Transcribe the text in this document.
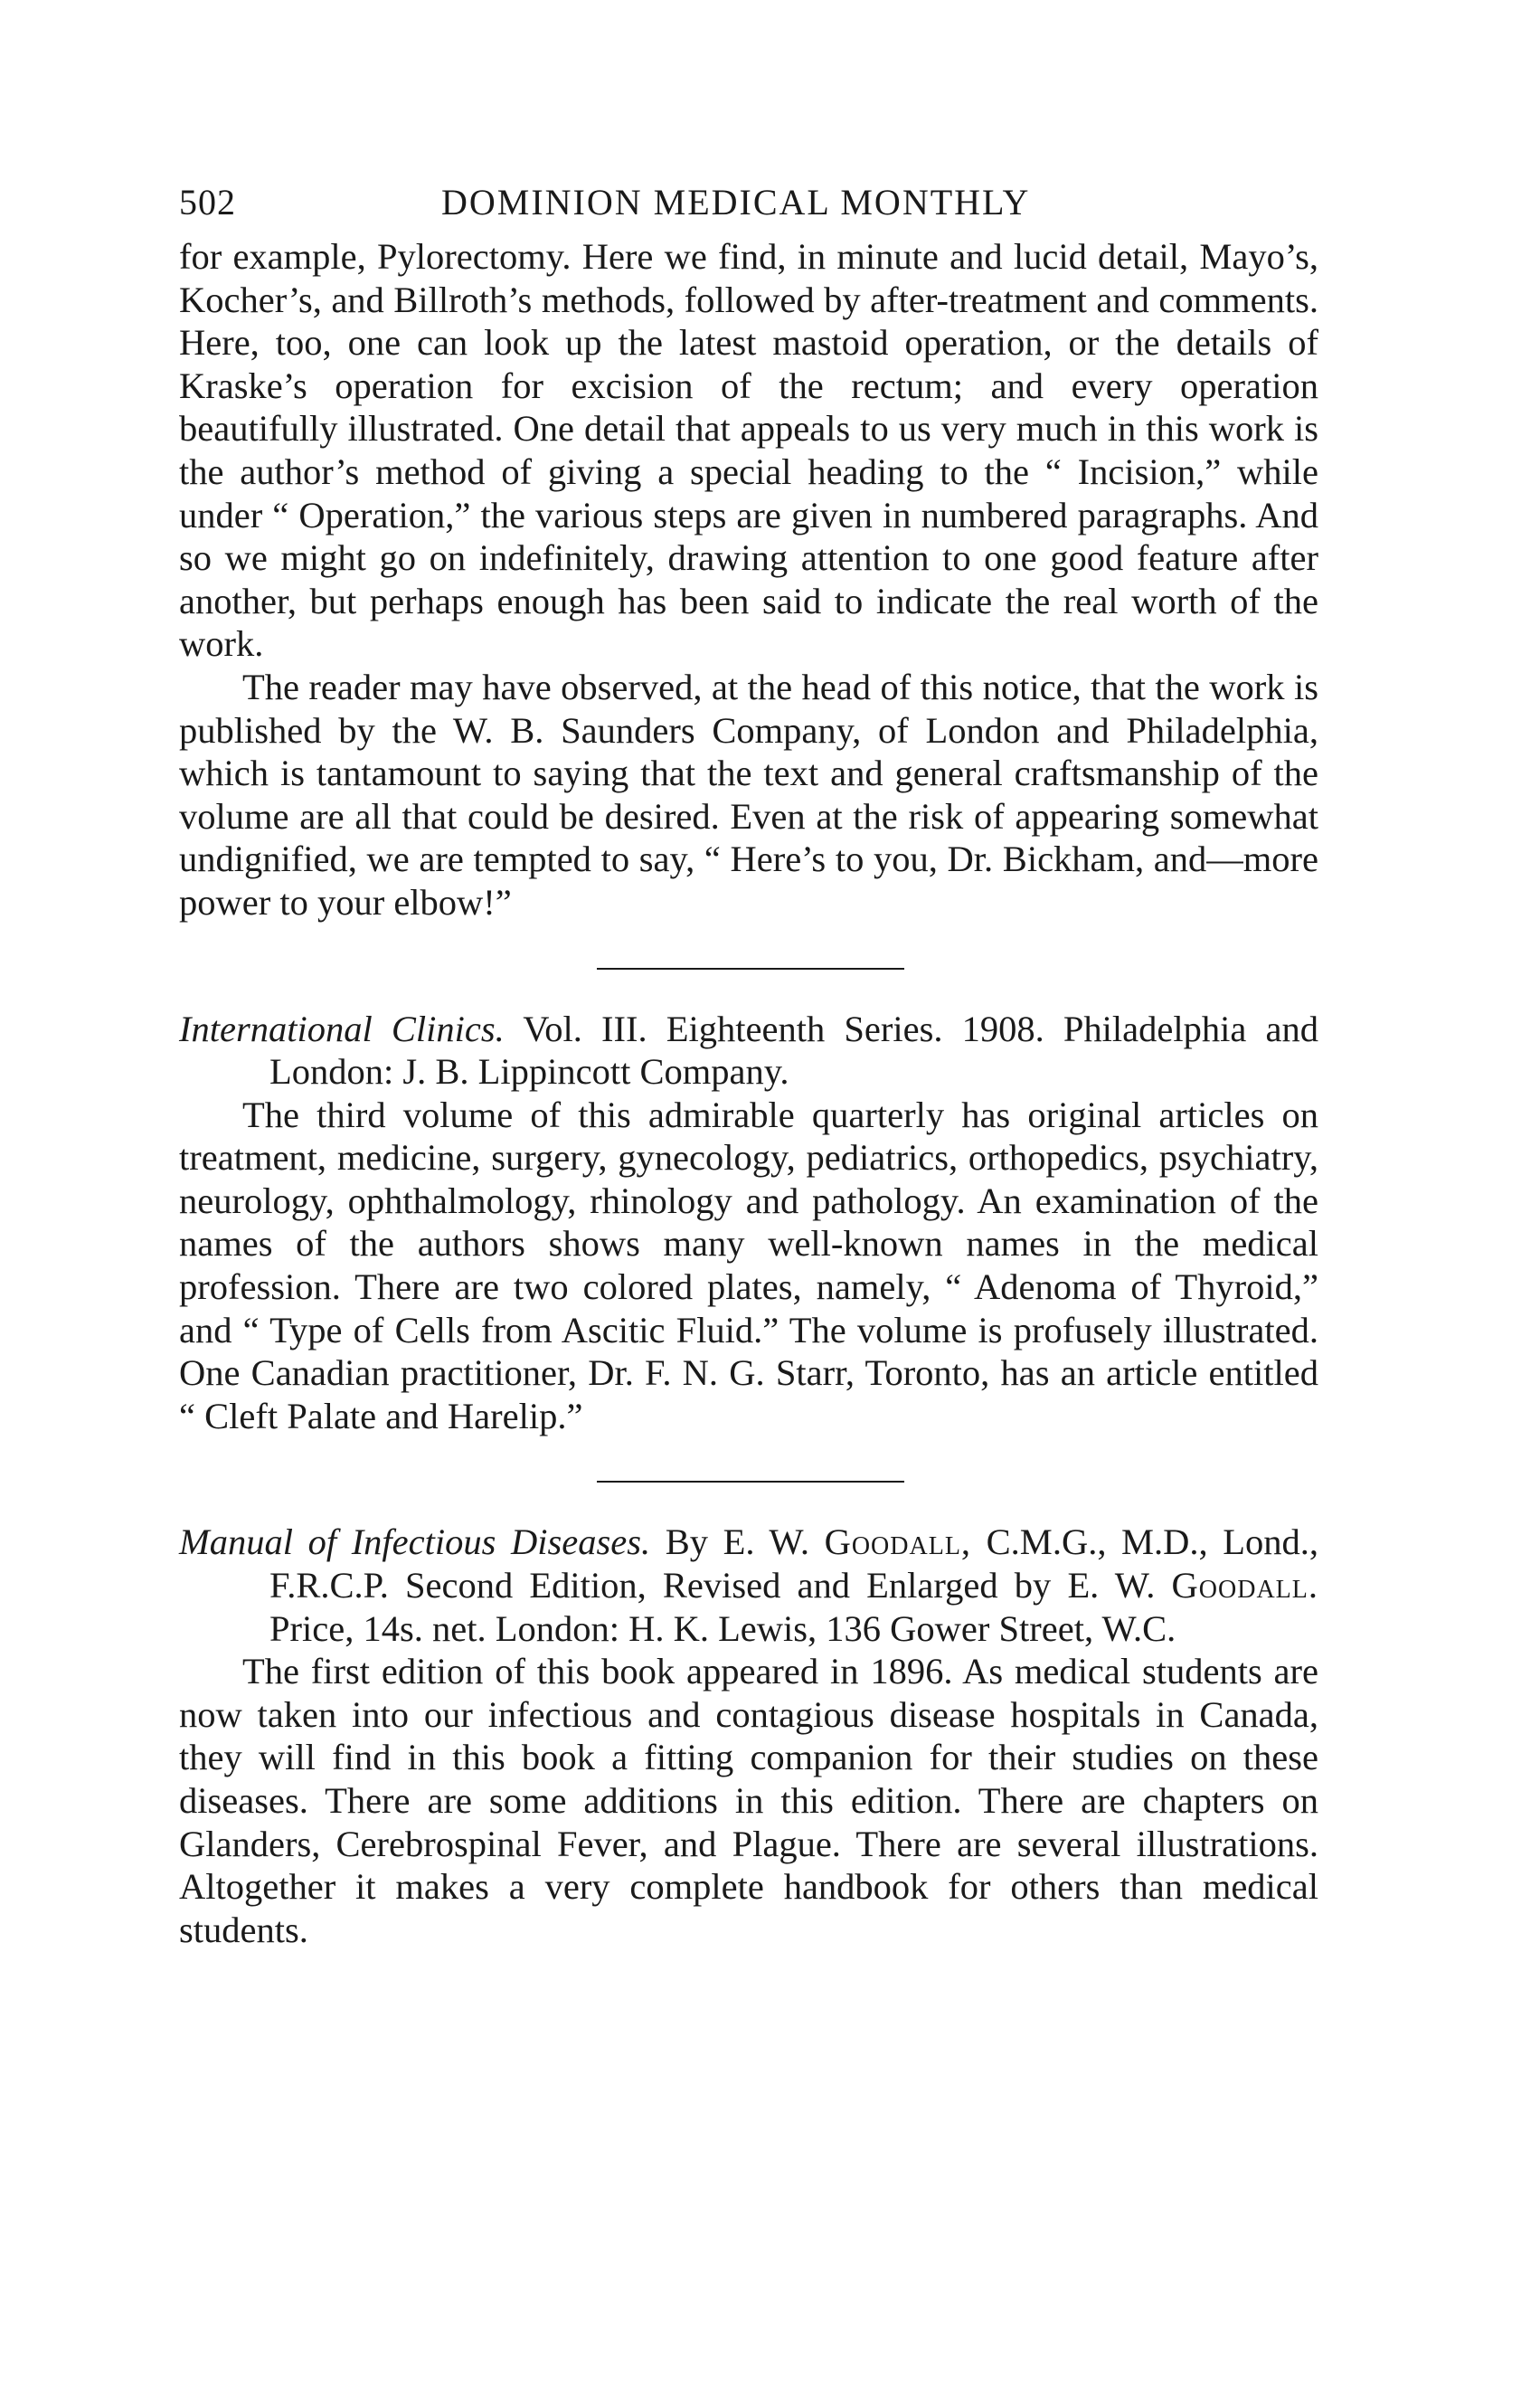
502	DOMINION MEDICAL MONTHLY

for example, Pylorectomy. Here we find, in minute and lucid detail, Mayo’s, Kocher’s, and Billroth’s methods, followed by after-treatment and comments. Here, too, one can look up the latest mastoid operation, or the details of Kraske’s operation for excision of the rectum; and every operation beautifully illustrated. One detail that appeals to us very much in this work is the author’s method of giving a special heading to the “ Incision,” while under “ Operation,” the various steps are given in numbered paragraphs. And so we might go on indefinitely, drawing attention to one good feature after another, but perhaps enough has been said to indicate the real worth of the work.

The reader may have observed, at the head of this notice, that the work is published by the W. B. Saunders Company, of London and Philadelphia, which is tantamount to saying that the text and general craftsmanship of the volume are all that could be desired. Even at the risk of appearing somewhat undignified, we are tempted to say, “ Here’s to you, Dr. Bickham, and—more power to your elbow!”

International Clinics. Vol. III. Eighteenth Series. 1908. Philadelphia and London: J. B. Lippincott Company.

The third volume of this admirable quarterly has original articles on treatment, medicine, surgery, gynecology, pediatrics, orthopedics, psychiatry, neurology, ophthalmology, rhinology and pathology. An examination of the names of the authors shows many well-known names in the medical profession. There are two colored plates, namely, “ Adenoma of Thyroid,” and “ Type of Cells from Ascitic Fluid.” The volume is profusely illustrated. One Canadian practitioner, Dr. F. N. G. Starr, Toronto, has an article entitled “ Cleft Palate and Harelip.”

Manual of Infectious Diseases. By E. W. Goodall, C.M.G., M.D., Lond., F.R.C.P. Second Edition, Revised and Enlarged by E. W. Goodall. Price, 14s. net. London: H. K. Lewis, 136 Gower Street, W.C.

The first edition of this book appeared in 1896. As medical students are now taken into our infectious and contagious disease hospitals in Canada, they will find in this book a fitting companion for their studies on these diseases. There are some additions in this edition. There are chapters on Glanders, Cerebrospinal Fever, and Plague. There are several illustrations. Altogether it makes a very complete handbook for others than medical students.
